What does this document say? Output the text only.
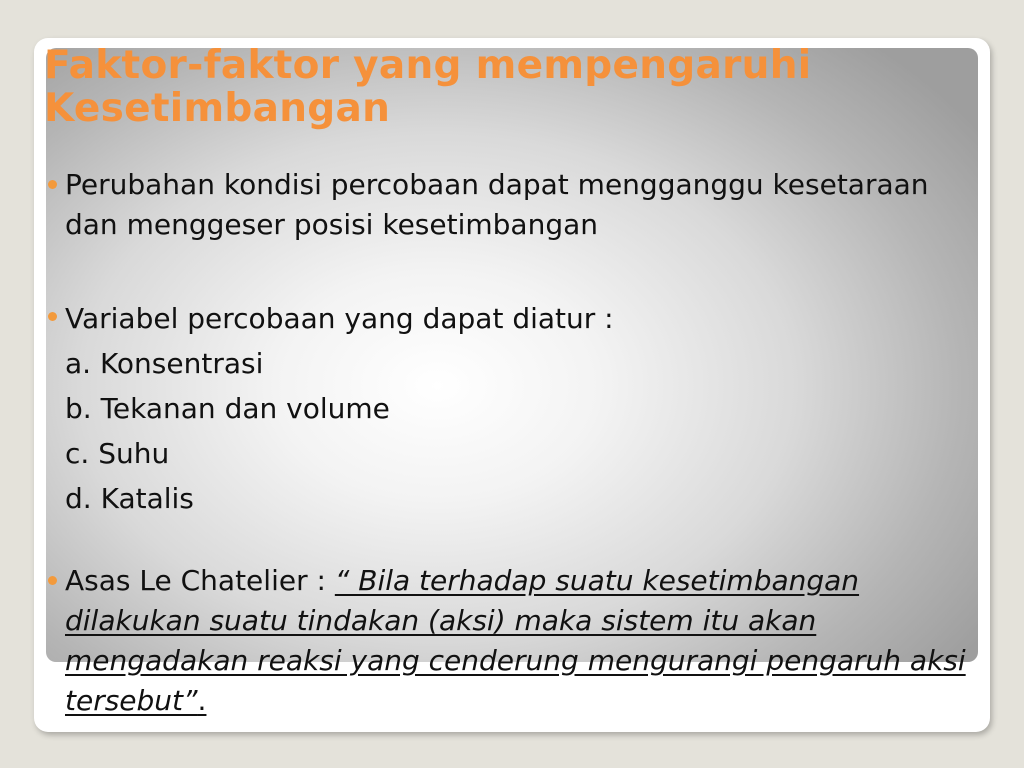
Faktor-faktor yang mempengaruhi Kesetimbangan
Perubahan kondisi percobaan dapat mengganggu kesetaraan dan menggeser posisi kesetimbangan
Variabel percobaan yang dapat diatur :
a. Konsentrasi
b. Tekanan dan volume
c. Suhu
d. Katalis
Asas Le Chatelier : “ Bila terhadap suatu kesetimbangan dilakukan suatu tindakan (aksi) maka sistem itu akan mengadakan reaksi yang cenderung mengurangi pengaruh aksi tersebut”.
